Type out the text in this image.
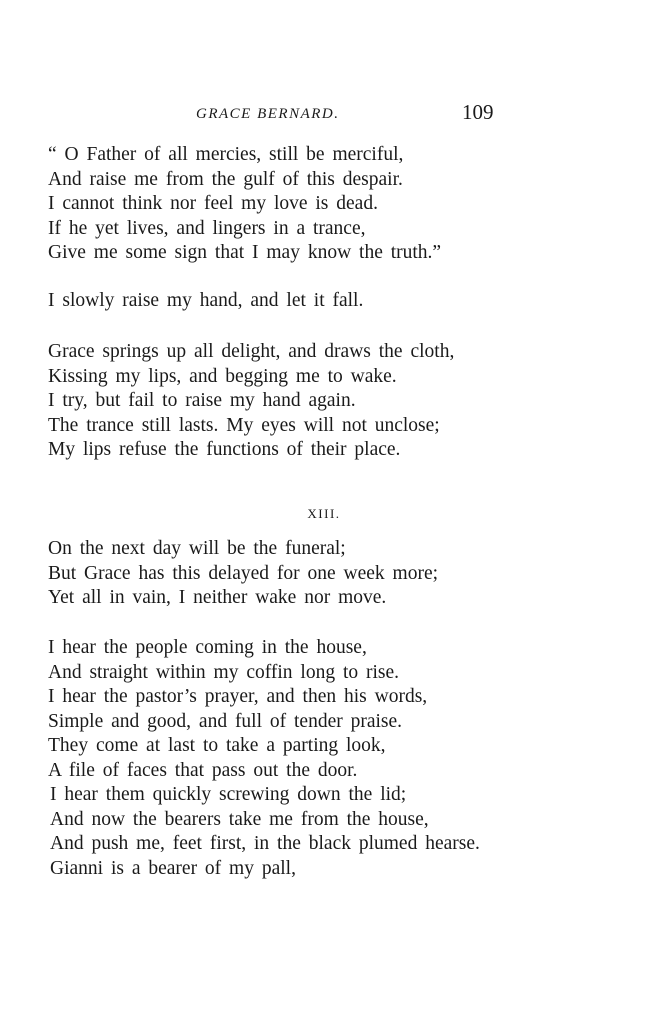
GRACE BERNARD.	109
“ O Father of all mercies, still be merciful,
And raise me from the gulf of this despair.
I cannot think nor feel my love is dead.
If he yet lives, and lingers in a trance,
Give me some sign that I may know the truth.”
I slowly raise my hand, and let it fall.
Grace springs up all delight, and draws the cloth,
Kissing my lips, and begging me to wake.
I try, but fail to raise my hand again.
The trance still lasts. My eyes will not unclose;
My lips refuse the functions of their place.
XIII.
On the next day will be the funeral;
But Grace has this delayed for one week more;
Yet all in vain, I neither wake nor move.
I hear the people coming in the house,
And straight within my coffin long to rise.
I hear the pastor’s prayer, and then his words,
Simple and good, and full of tender praise.
They come at last to take a parting look,
A file of faces that pass out the door.
I hear them quickly screwing down the lid;
And now the bearers take me from the house,
And push me, feet first, in the black plumed hearse.
Gianni is a bearer of my pall,
